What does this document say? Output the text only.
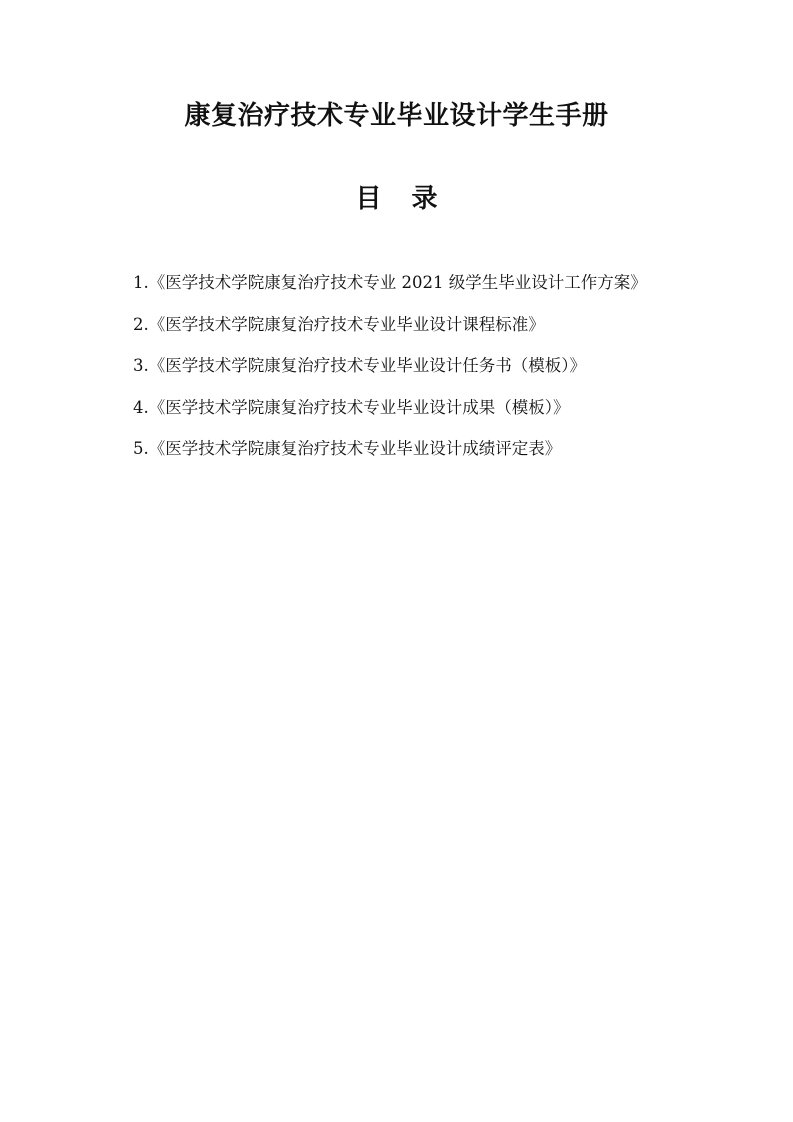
康复治疗技术专业毕业设计学生手册
目 录
1.《医学技术学院康复治疗技术专业 2021 级学生毕业设计工作方案》
2.《医学技术学院康复治疗技术专业毕业设计课程标准》
3.《医学技术学院康复治疗技术专业毕业设计任务书（模板）》
4.《医学技术学院康复治疗技术专业毕业设计成果（模板）》
5.《医学技术学院康复治疗技术专业毕业设计成绩评定表》
